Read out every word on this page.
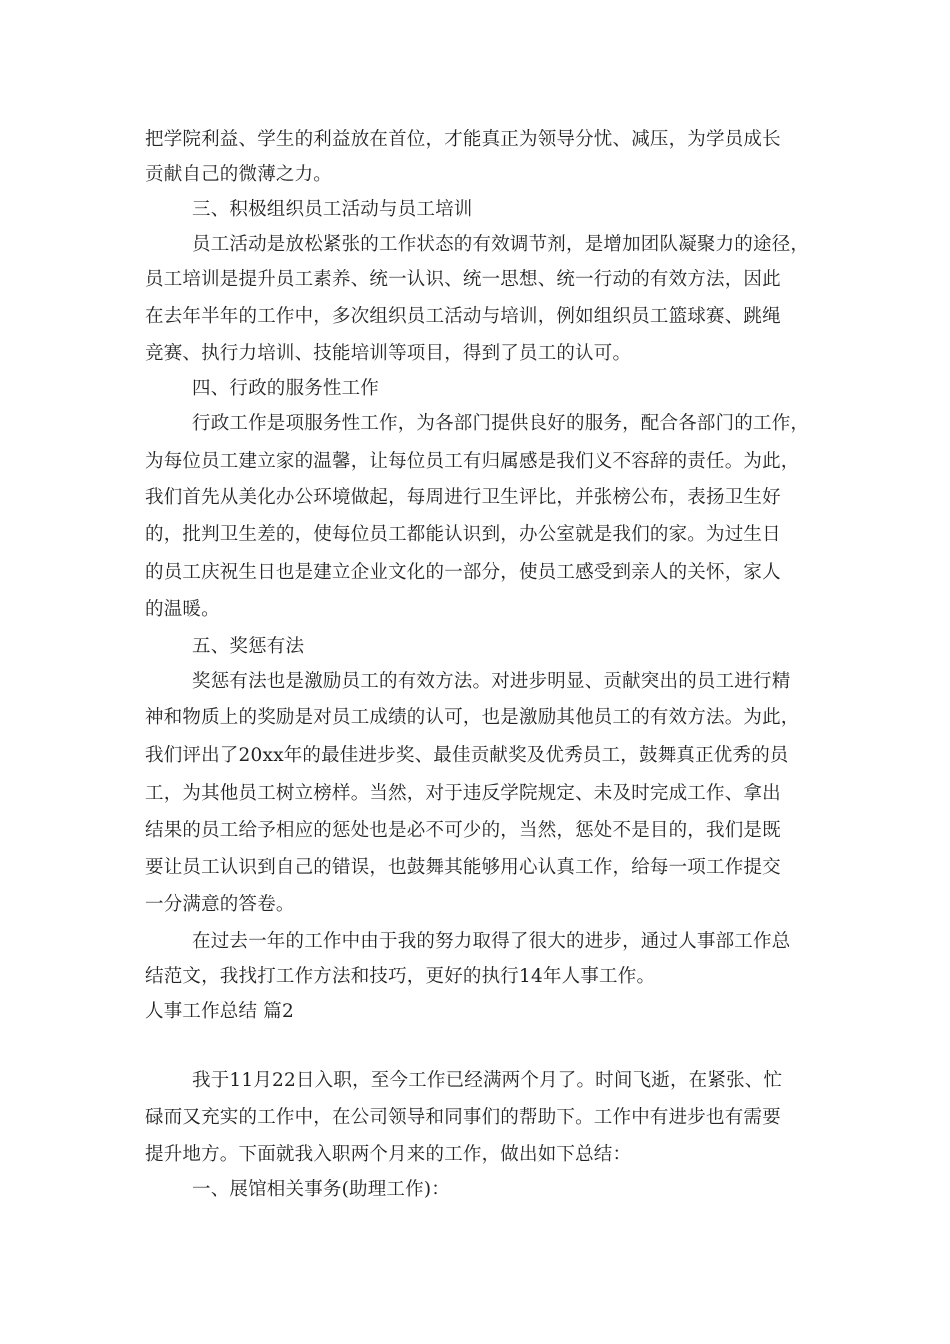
把学院利益、学生的利益放在首位，才能真正为领导分忧、减压，为学员成长
贡献自己的微薄之力。
三、积极组织员工活动与员工培训
员工活动是放松紧张的工作状态的有效调节剂，是增加团队凝聚力的途径，
员工培训是提升员工素养、统一认识、统一思想、统一行动的有效方法，因此
在去年半年的工作中，多次组织员工活动与培训，例如组织员工篮球赛、跳绳
竞赛、执行力培训、技能培训等项目，得到了员工的认可。
四、行政的服务性工作
行政工作是项服务性工作，为各部门提供良好的服务，配合各部门的工作，
为每位员工建立家的温馨，让每位员工有归属感是我们义不容辞的责任。为此，
我们首先从美化办公环境做起，每周进行卫生评比，并张榜公布，表扬卫生好
的，批判卫生差的，使每位员工都能认识到，办公室就是我们的家。为过生日
的员工庆祝生日也是建立企业文化的一部分，使员工感受到亲人的关怀，家人
的温暖。
五、奖惩有法
奖惩有法也是激励员工的有效方法。对进步明显、贡献突出的员工进行精
神和物质上的奖励是对员工成绩的认可，也是激励其他员工的有效方法。为此，
我们评出了20xx年的最佳进步奖、最佳贡献奖及优秀员工，鼓舞真正优秀的员
工，为其他员工树立榜样。当然，对于违反学院规定、未及时完成工作、拿出
结果的员工给予相应的惩处也是必不可少的，当然，惩处不是目的，我们是既
要让员工认识到自己的错误，也鼓舞其能够用心认真工作，给每一项工作提交
一分满意的答卷。
在过去一年的工作中由于我的努力取得了很大的进步，通过人事部工作总
结范文，我找打工作方法和技巧，更好的执行14年人事工作。
人事工作总结 篇2
我于11月22日入职，至今工作已经满两个月了。时间飞逝，在紧张、忙
碌而又充实的工作中，在公司领导和同事们的帮助下。工作中有进步也有需要
提升地方。下面就我入职两个月来的工作，做出如下总结：
一、展馆相关事务(助理工作)：
